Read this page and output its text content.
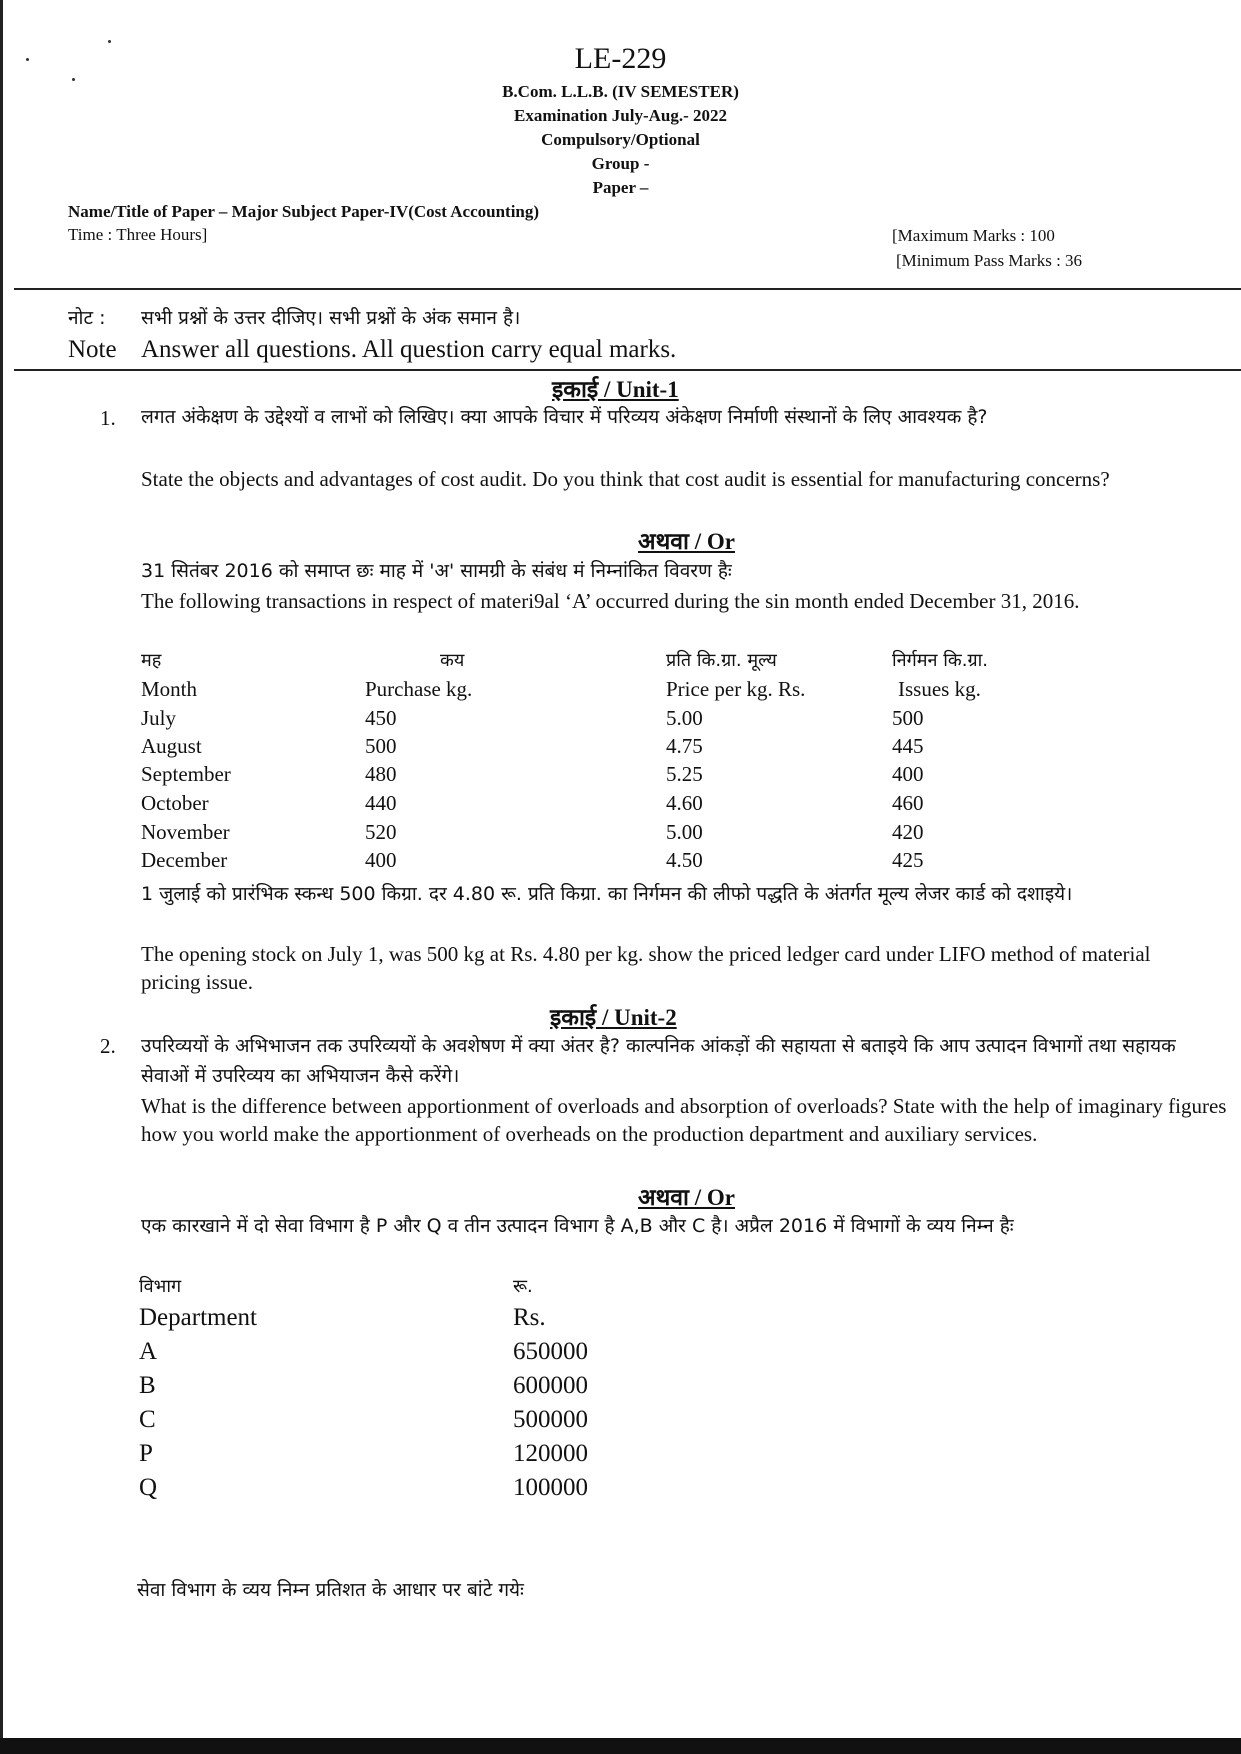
LE-229
B.Com. L.L.B. (IV SEMESTER)
Examination July-Aug.- 2022
Compulsory/Optional
Group -
Paper –
Name/Title of Paper – Major Subject Paper-IV(Cost Accounting)
Time : Three Hours]	[Maximum Marks : 100
[Minimum Pass Marks : 36
नोट : सभी प्रश्नों के उत्तर दीजिए। सभी प्रश्नों के अंक समान है।
Note Answer all questions. All question carry equal marks.
इकाई / Unit-1
1. लगत अंकेक्षण के उद्देश्यों व लाभों को लिखिए। क्या आपके विचार में परिव्यय अंकेक्षण निर्माणी संस्थानों के लिए आवश्यक है?
State the objects and advantages of cost audit. Do you think that cost audit is essential for manufacturing concerns?
अथवा / Or
31 सितंबर 2016 को समाप्त छः माह में 'अ' सामग्री के संबंध मं निम्नांकित विवरण हैः
The following transactions in respect of materi9al ‘A’ occurred during the sin month ended December 31, 2016.
मह	कय	प्रति कि.ग्रा. मूल्य	निर्गमन कि.ग्रा.
Month	Purchase kg.	Price per kg. Rs.	Issues kg.
July	450	5.00	500
August	500	4.75	445
September	480	5.25	400
October	440	4.60	460
November	520	5.00	420
December	400	4.50	425
1 जुलाई को प्रारंभिक स्कन्ध 500 किग्रा. दर 4.80 रू. प्रति किग्रा. का निर्गमन की लीफो पद्धति के अंतर्गत मूल्य लेजर कार्ड को दशाइये।
The opening stock on July 1, was 500 kg at Rs. 4.80 per kg. show the priced ledger card under LIFO method of material pricing issue.
इकाई / Unit-2
2. उपरिव्ययों के अभिभाजन तक उपरिव्ययों के अवशेषण में क्या अंतर है? काल्पनिक आंकड़ों की सहायता से बताइये कि आप उत्पादन विभागों तथा सहायक सेवाओं में उपरिव्यय का अभियाजन कैसे करेंगे।
What is the difference between apportionment of overloads and absorption of overloads? State with the help of imaginary figures how you world make the apportionment of overheads on the production department and auxiliary services.
अथवा / Or
एक कारखाने में दो सेवा विभाग है P और Q व तीन उत्पादन विभाग है A,B और C है। अप्रैल 2016 में विभागों के व्यय निम्न हैः
विभाग	रू.
Department	Rs.
A	650000
B	600000
C	500000
P	120000
Q	100000
सेवा विभाग के व्यय निम्न प्रतिशत के आधार पर बांटे गयेः
